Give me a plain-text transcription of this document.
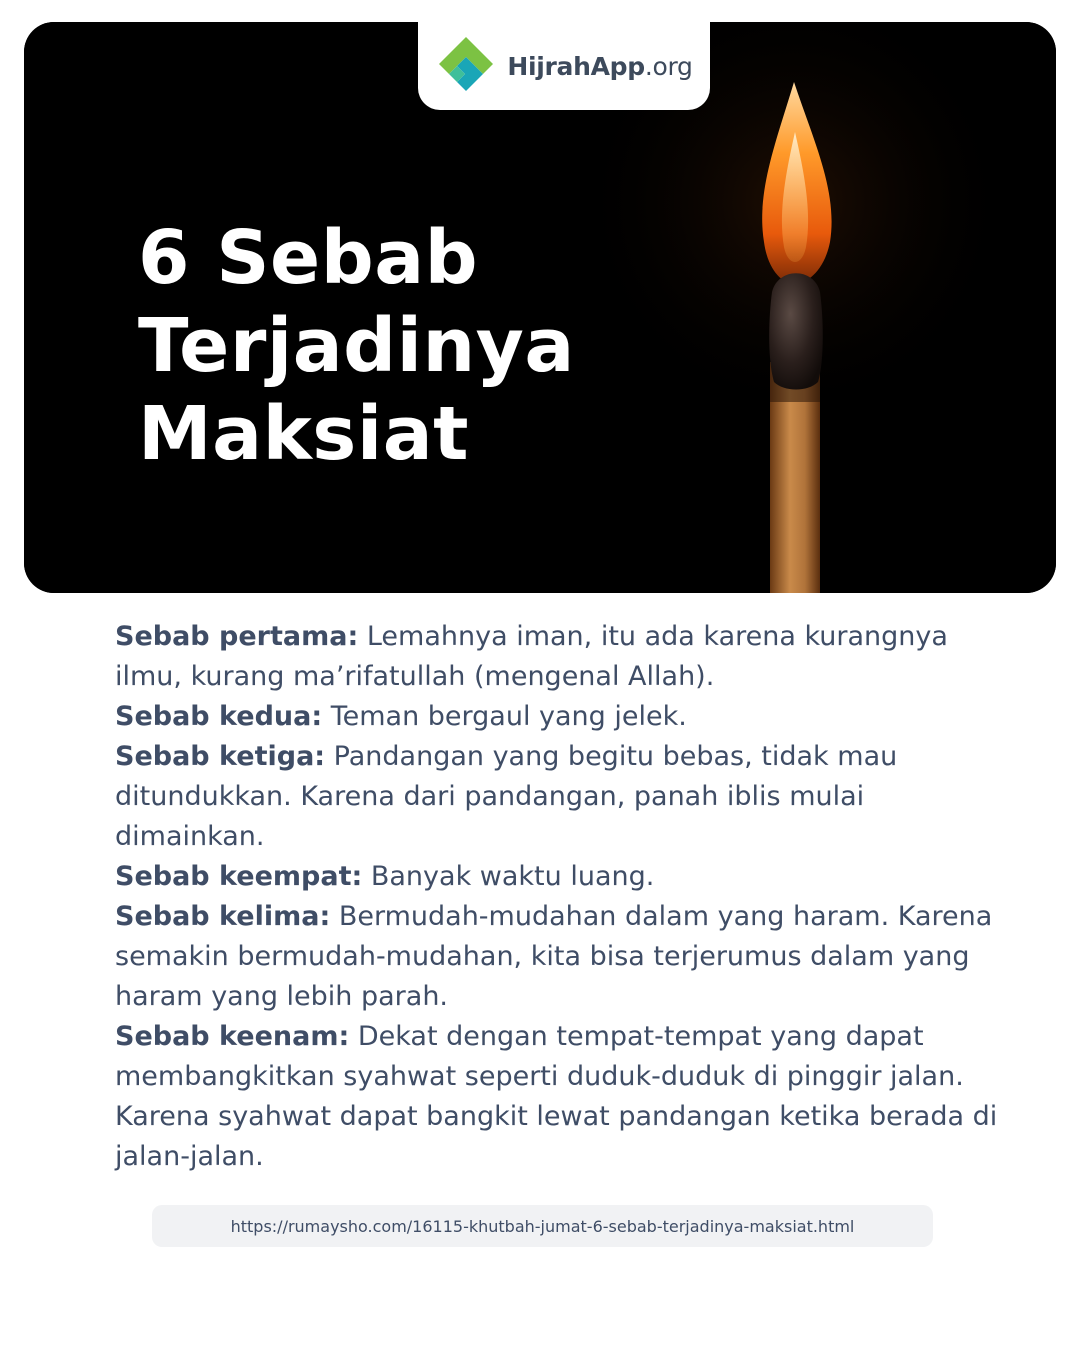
HijrahApp.org
6 Sebab
Terjadinya
Maksiat

Sebab pertama: Lemahnya iman, itu ada karena kurangnya ilmu, kurang ma’rifatullah (mengenal Allah).

Sebab kedua: Teman bergaul yang jelek.

Sebab ketiga: Pandangan yang begitu bebas, tidak mau ditundukkan. Karena dari pandangan, panah iblis mulai dimainkan.

Sebab keempat: Banyak waktu luang.

Sebab kelima: Bermudah-mudahan dalam yang haram. Karena semakin bermudah-mudahan, kita bisa terjerumus dalam yang haram yang lebih parah.

Sebab keenam: Dekat dengan tempat-tempat yang dapat membangkitkan syahwat seperti duduk-duduk di pinggir jalan. Karena syahwat dapat bangkit lewat pandangan ketika berada di jalan-jalan.

https://rumaysho.com/16115-khutbah-jumat-6-sebab-terjadinya-maksiat.html
